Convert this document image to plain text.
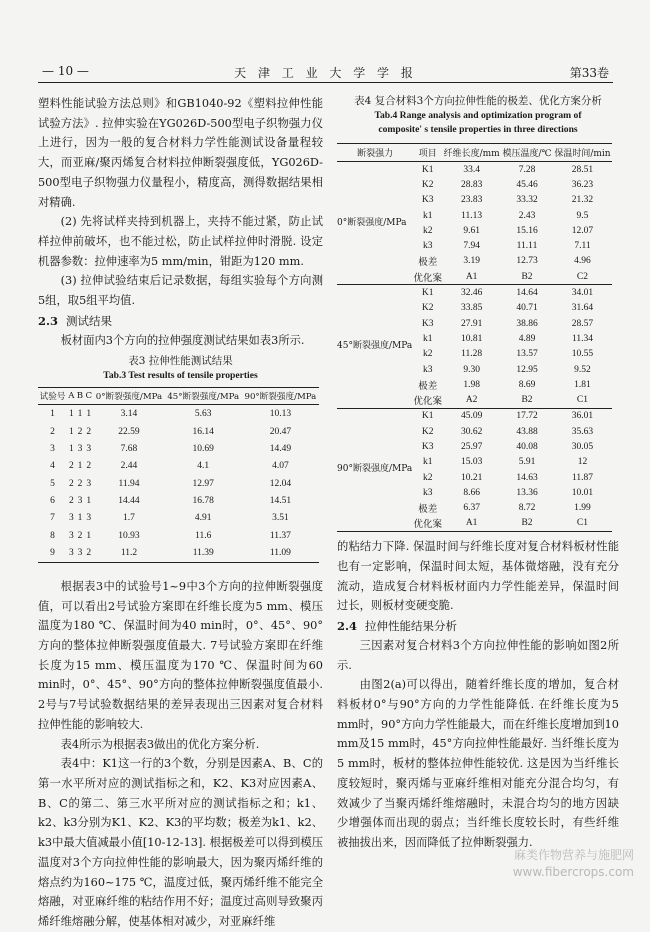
— 10 —	天 津 工 业 大 学 学 报	第33卷

塑料性能试验方法总则》和GB1040-92《塑料拉伸性能试验方法》. 拉伸实验在YG026D-500型电子织物强力仪上进行，因为一般的复合材料力学性能测试设备量程较大，而亚麻/聚丙烯复合材料拉伸断裂强度低，YG026D-500型电子织物强力仪量程小，精度高，测得数据结果相对精确.

(2) 先将试样夹持到机器上，夹持不能过紧，防止试样拉伸前破坏，也不能过松，防止试样拉伸时滑脱. 设定机器参数：拉伸速率为5 mm/min，钳距为120 mm.

(3) 拉伸试验结束后记录数据，每组实验每个方向测5组，取5组平均值.

2.3 测试结果

板材面内3个方向的拉伸强度测试结果如表3所示.

表3 拉伸性能测试结果
Tab.3 Test results of tensile properties
试验号	A	B	C	0°断裂强度/MPa	45°断裂强度/MPa	90°断裂强度/MPa
1	1	1	1	3.14	5.63	10.13
2	1	2	2	22.59	16.14	20.47
3	1	3	3	7.68	10.69	14.49
4	2	1	2	2.44	4.1	4.07
5	2	2	3	11.94	12.97	12.04
6	2	3	1	14.44	16.78	14.51
7	3	1	3	1.7	4.91	3.51
8	3	2	1	10.93	11.6	11.37
9	3	3	2	11.2	11.39	11.09

根据表3中的试验号1~9中3个方向的拉伸断裂强度值，可以看出2号试验方案即在纤维长度为5 mm、模压温度为180 ℃、保温时间为40 min时，0°、45°、90°方向的整体拉伸断裂强度值最大. 7号试验方案即在纤维长度为15 mm、模压温度为170 ℃、保温时间为60 min时，0°、45°、90°方向的整体拉伸断裂强度值最小. 2号与7号试验数据结果的差异表现出三因素对复合材料拉伸性能的影响较大.

表4所示为根据表3做出的优化方案分析.

表4中：K1这一行的3个数，分别是因素A、B、C的第一水平所对应的测试指标之和，K2、K3对应因素A、B、C的第二、第三水平所对应的测试指标之和；k1、k2、k3分别为K1、K2、K3的平均数；极差为k1、k2、k3中最大值减最小值[10-12-13]. 根据极差可以得到模压温度对3个方向拉伸性能的影响最大，因为聚丙烯纤维的熔点约为160~175 ℃，温度过低，聚丙烯纤维不能完全熔融，对亚麻纤维的粘结作用不好；温度过高则导致聚丙烯纤维熔融分解，使基体相对减少，对亚麻纤维

表4 复合材料3个方向拉伸性能的极差、优化方案分析
Tab.4 Range analysis and optimization program of
composite' s tensile properties in three directions
断裂强力	项目	纤维长度/mm	模压温度/℃	保温时间/min
0°断裂强度/MPa	K1	33.4	7.28	28.51
	K2	28.83	45.46	36.23
	K3	23.83	33.32	21.32
	k1	11.13	2.43	9.5
	k2	9.61	15.16	12.07
	k3	7.94	11.11	7.11
	极差	3.19	12.73	4.96
	优化案	A1	B2	C2
45°断裂强度/MPa	K1	32.46	14.64	34.01
	K2	33.85	40.71	31.64
	K3	27.91	38.86	28.57
	k1	10.81	4.89	11.34
	k2	11.28	13.57	10.55
	k3	9.30	12.95	9.52
	极差	1.98	8.69	1.81
	优化案	A2	B2	C1
90°断裂强度/MPa	K1	45.09	17.72	36.01
	K2	30.62	43.88	35.63
	K3	25.97	40.08	30.05
	k1	15.03	5.91	12
	k2	10.21	14.63	11.87
	k3	8.66	13.36	10.01
	极差	6.37	8.72	1.99
	优化案	A1	B2	C1

的粘结力下降. 保温时间与纤维长度对复合材料板材性能也有一定影响，保温时间太短，基体微熔融，没有充分流动，造成复合材料板材面内力学性能差异，保温时间过长，则板材变硬变脆.

2.4 拉伸性能结果分析

三因素对复合材料3个方向拉伸性能的影响如图2所示.

由图2(a)可以得出，随着纤维长度的增加，复合材料板材0°与90°方向的力学性能降低. 在纤维长度为5 mm时，90°方向力学性能最大，而在纤维长度增加到10 mm及15 mm时，45°方向拉伸性能最好. 当纤维长度为5 mm时，板材的整体拉伸性能较优. 这是因为当纤维长度较短时，聚丙烯与亚麻纤维相对能充分混合均匀，有效减少了当聚丙烯纤维熔融时，未混合均匀的地方因缺少增强体而出现的弱点；当纤维长度较长时，有些纤维被抽拔出来，因而降低了拉伸断裂强力.

麻类作物营养与施肥网
www.fibercrops.com
